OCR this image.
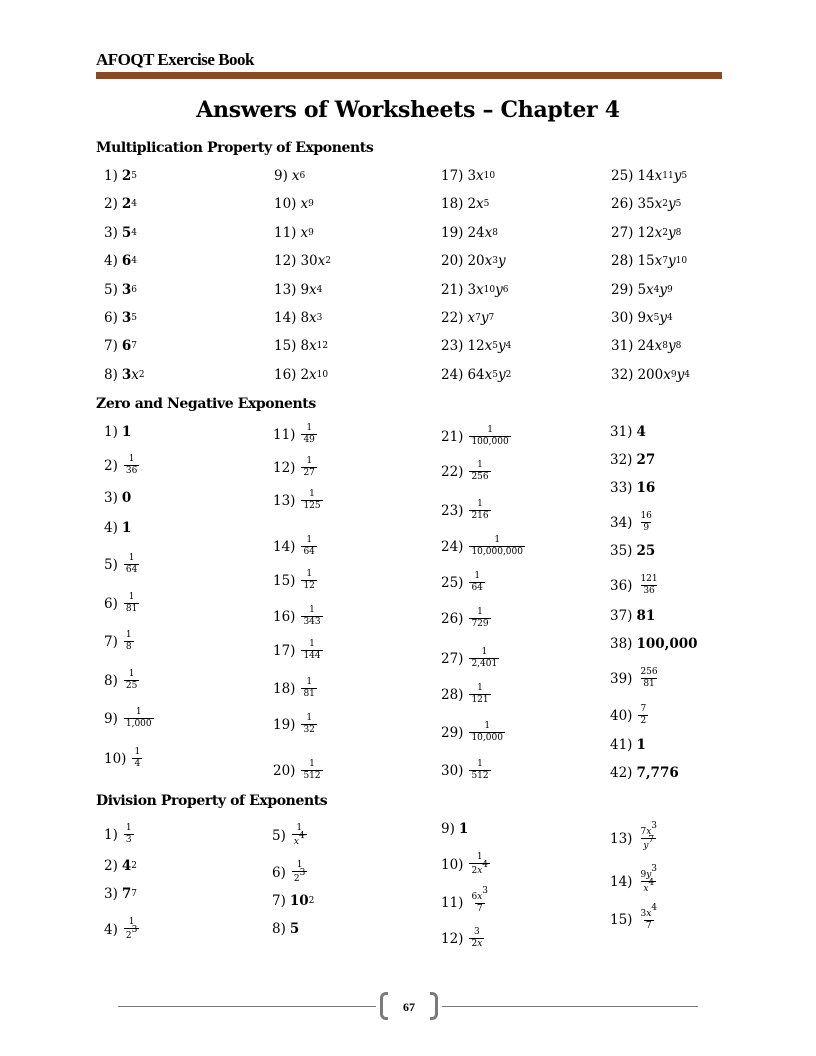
AFOQT Exercise Book
Answers of Worksheets – Chapter 4
Multiplication Property of Exponents
Zero and Negative Exponents
Division Property of Exponents
1) 2 5
2) 2 4
3) 5 4
4) 6 4
5) 3 6
6) 3 5
7) 6 7
8) 3 x 2
9) x 6
10) x 9
11) x 9
12) 30 x 2
13) 9 x 4
14) 8 x 3
15) 8 x 12
16) 2 x 10
17) 3 x 10
18) 2 x 5
19) 24 x 8
20) 20 x 3 y
21) 3 x 10 y 6
22) x 7 y 7
23) 12 x 5 y 4
24) 64 x 5 y 2
25) 14 x 11 y 5
26) 35 x 2 y 5
27) 12 x 2 y 8
28) 15 x 7 y 10
29) 5 x 4 y 9
30) 9 x 5 y 4
31) 24 x 8 y 8
32) 200 x 9 y 4
1) 1
$2) \frac{1}{36}$
3) 0
4) 1
$5) \frac{1}{64}$
$6) \frac{1}{81}$
$7) \frac{1}{8}$
$8) \frac{1}{25}$
$9) \frac{1}{1,000}$
$10) \frac{1}{4}$
$11) \frac{1}{49}$
$12) \frac{1}{27}$
$13) \frac{1}{125}$
$14) \frac{1}{64}$
$15) \frac{1}{12}$
$16) \frac{1}{343}$
$17) \frac{1}{144}$
$18) \frac{1}{81}$
$19) \frac{1}{32}$
$20) \frac{1}{512}$
$21) \frac{1}{100,000}$
$22) \frac{1}{256}$
$23) \frac{1}{216}$
$24) \frac{1}{10,000,000}$
$25) \frac{1}{64}$
$26) \frac{1}{729}$
$27) \frac{1}{2,401}$
$28) \frac{1}{121}$
$29) \frac{1}{10,000}$
$30) \frac{1}{512}$
31) 4
32) 27
33) 16
$34) \frac{16}{9}$
35) 25
$36) \frac{121}{36}$
37) 81
38) 100,000
$39) \frac{256}{81}$
$40) \frac{7}{2}$
41) 1
42) 7,776
$1) \frac{1}{3}$
2) 4 2
3) 7 7
$4) \frac{1}{2^3}$
$5) \frac{1}{x^4}$
$6) \frac{1}{2^3}$
7) 10 2
8) 5
9) 1
$10) \frac{1}{2x^4}$
$11) \frac{6x^3}{7}$
$12) \frac{3}{2x}$
$13) \frac{7x^3}{y^7}$
$14) \frac{9y^3}{x^4}$
$15) \frac{3x^4}{7}$
67
